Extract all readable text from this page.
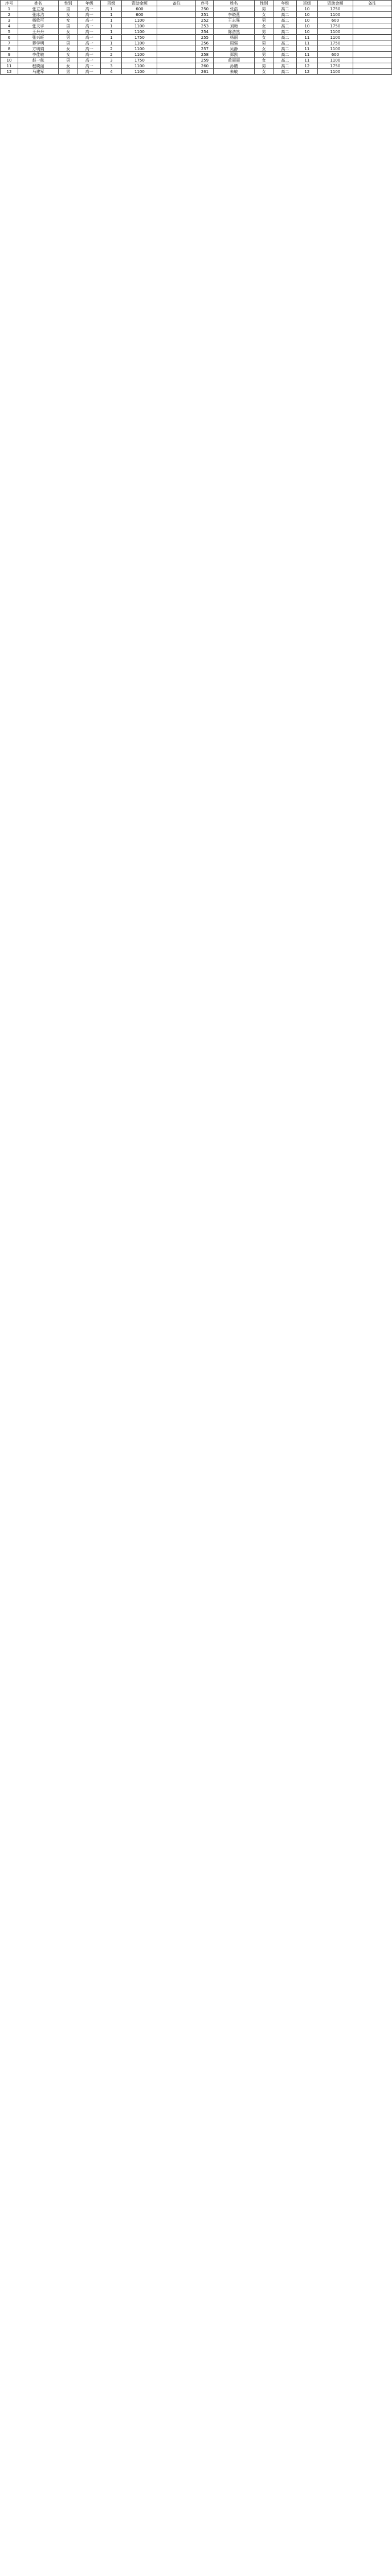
序号	姓名	性别	年级	班级	资助金额	备注	序号	姓名	性别	年级	班级	资助金额	备注
1	张立尧	男	高一	1	600		250	张浩	男	高二	10	1750	
2	张冰洁	女	高一	1	600		251	李晓燕	女	高二	10	1100	
3	杨欣可	女	高一	1	1100		252	王志强	男	高二	10	600	
4	张天宇	男	高一	1	1100		253	刘梅	女	高二	10	1750	
5	王丹丹	女	高一	1	1100		254	陈浩然	男	高二	10	1100	
6	张兴旺	男	高一	1	1750		255	杨丽	女	高二	11	1100	
7	蒋学明	男	高一	1	1100		256	周强	男	高二	11	1750	
8	方明娟	女	高一	2	1100		257	吴静	女	高二	11	1100	
9	李佳敏	女	高一	2	1100		258	郑凯	男	高二	11	600	
10	赵一航	男	高一	3	1750		259	黄丽丽	女	高二	11	1100	
11	程晓丽	女	高一	3	1100		260	孙鹏	男	高二	12	1750	
12	马建军	男	高一	4	1100		261	朱敏	女	高二	12	1100	
